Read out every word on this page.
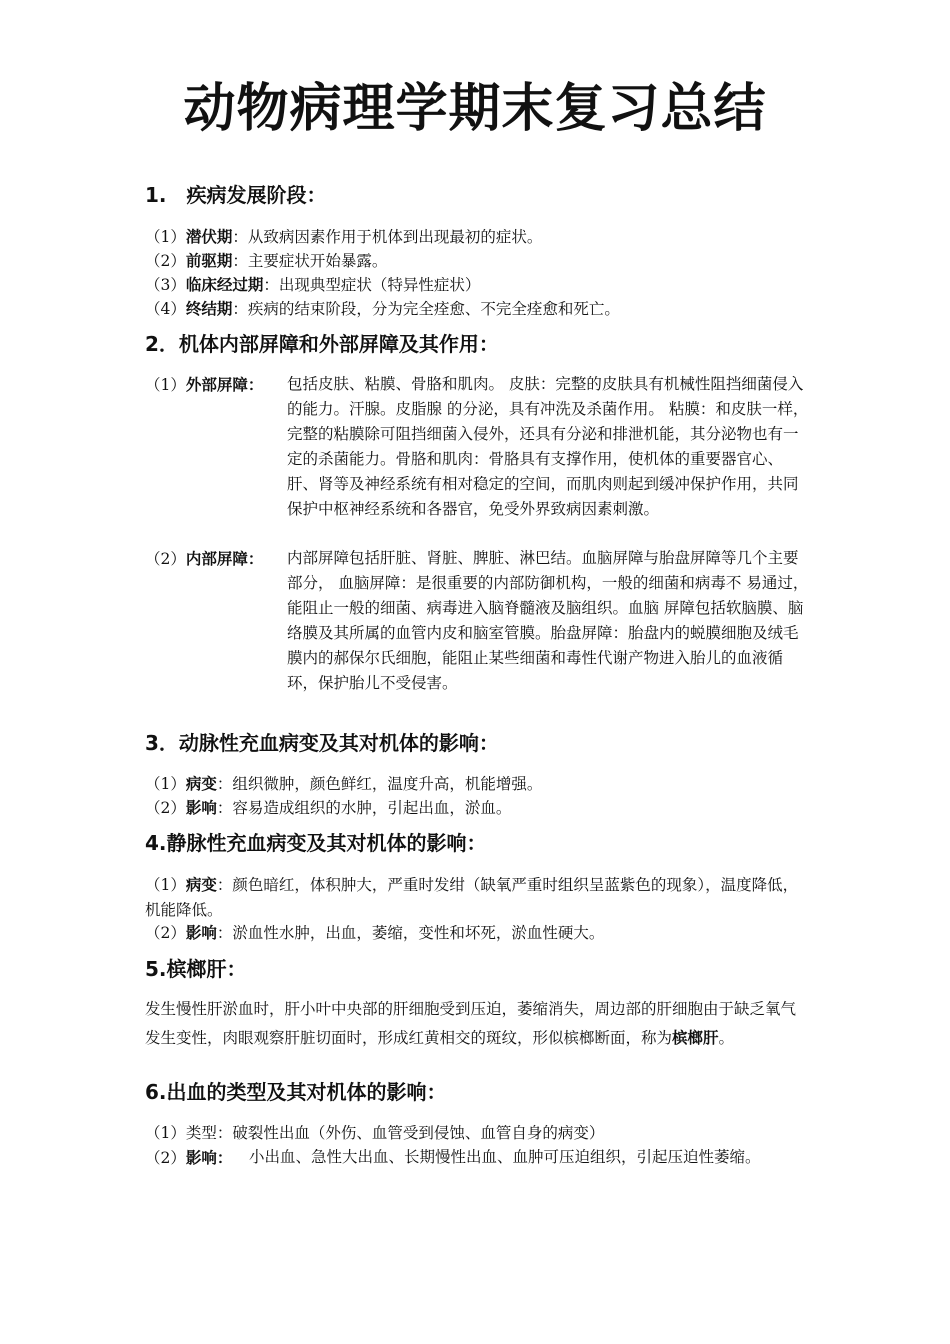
动物病理学期末复习总结
1.　疾病发展阶段：
（1）潜伏期：从致病因素作用于机体到出现最初的症状。
（2）前驱期：主要症状开始暴露。
（3）临床经过期：出现典型症状（特异性症状）
（4）终结期：疾病的结束阶段，分为完全痊愈、不完全痊愈和死亡。
2．机体内部屏障和外部屏障及其作用：
（1）外部屏障： 包括皮肤、粘膜、骨胳和肌肉。 皮肤：完整的皮肤具有机械性阻挡细菌侵入的能力。汗腺。皮脂腺 的分泌，具有冲洗及杀菌作用。 粘膜：和皮肤一样，完整的粘膜除可阻挡细菌入侵外，还具有分泌和排泄机能，其分泌物也有一定的杀菌能力。骨胳和肌肉：骨胳具有支撑作用，使机体的重要器官心、肝、肾等及神经系统有相对稳定的空间，而肌肉则起到缓冲保护作用，共同保护中枢神经系统和各器官，免受外界致病因素刺激。
（2）内部屏障： 内部屏障包括肝脏、肾脏、脾脏、淋巴结。血脑屏障与胎盘屏障等几个主要部分， 血脑屏障：是很重要的内部防御机构，一般的细菌和病毒不 易通过，能阻止一般的细菌、病毒进入脑脊髓液及脑组织。血脑 屏障包括软脑膜、脑络膜及其所属的血管内皮和脑室管膜。胎盘屏障：胎盘内的蜕膜细胞及绒毛膜内的郝保尔氏细胞，能阻止某些细菌和毒性代谢产物进入胎儿的血液循环，保护胎儿不受侵害。
3．动脉性充血病变及其对机体的影响：
（1）病变：组织微肿，颜色鲜红，温度升高，机能增强。
（2）影响：容易造成组织的水肿，引起出血，淤血。
4.静脉性充血病变及其对机体的影响：
（1）病变：颜色暗红，体积肿大，严重时发绀（缺氧严重时组织呈蓝紫色的现象），温度降低，机能降低。
（2）影响：淤血性水肿，出血，萎缩，变性和坏死，淤血性硬大。
5.槟榔肝：
发生慢性肝淤血时，肝小叶中央部的肝细胞受到压迫，萎缩消失，周边部的肝细胞由于缺乏氧气发生变性，肉眼观察肝脏切面时，形成红黄相交的斑纹，形似槟榔断面，称为槟榔肝。
6.出血的类型及其对机体的影响：
（1）类型：破裂性出血（外伤、血管受到侵蚀、血管自身的病变）
（2）影响： 小出血、急性大出血、长期慢性出血、血肿可压迫组织，引起压迫性萎缩。
